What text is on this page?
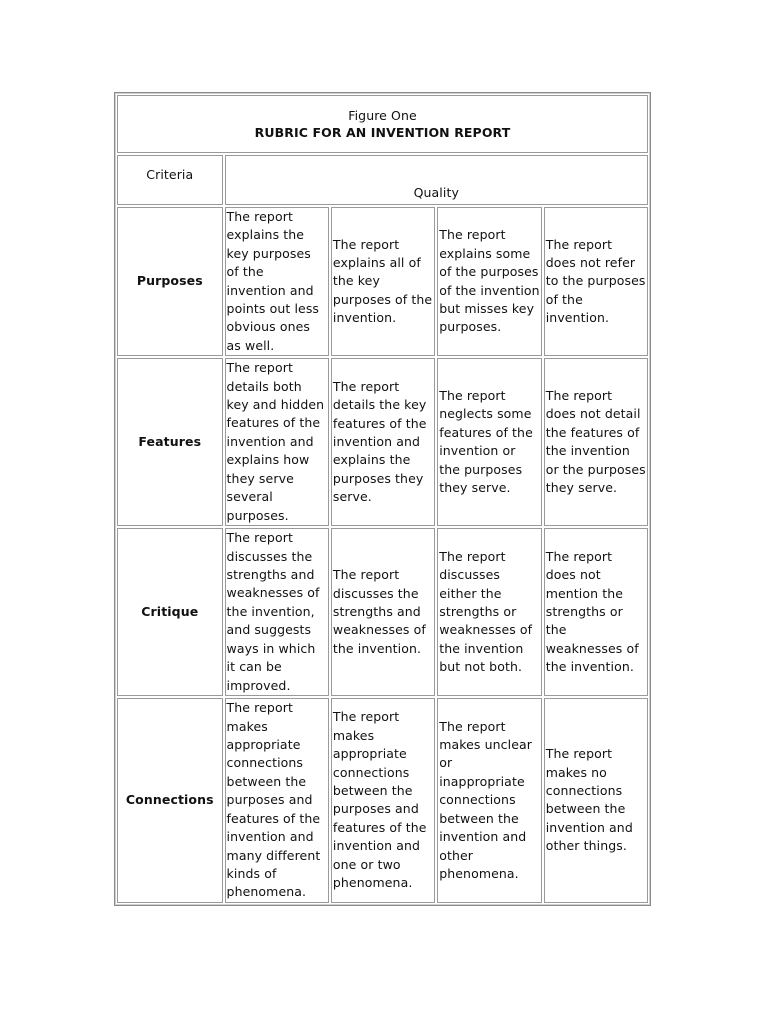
Figure One
RUBRIC FOR AN INVENTION REPORT				

Criteria	Quality			
Purposes	The report explains the key purposes of the invention and points out less obvious ones as well.	The report explains all of the key purposes of the invention.	The report explains some of the purposes of the invention but misses key purposes.	The report does not refer to the purposes of the invention.
Features	The report details both key and hidden features of the invention and explains how they serve several purposes.	The report details the key features of the invention and explains the purposes they serve.	The report neglects some features of the invention or the purposes they serve.	The report does not detail the features of the invention or the purposes they serve.
Critique	The report discusses the strengths and weaknesses of the invention, and suggests ways in which it can be improved.	The report discusses the strengths and weaknesses of the invention.	The report discusses either the strengths or weaknesses of the invention but not both.	The report does not mention the strengths or the weaknesses of the invention.
Connections	The report makes appropriate connections between the purposes and features of the invention and many different kinds of phenomena.	The report makes appropriate connections between the purposes and features of the invention and one or two phenomena.	The report makes unclear or inappropriate connections between the invention and other phenomena.	The report makes no connections between the invention and other things.
